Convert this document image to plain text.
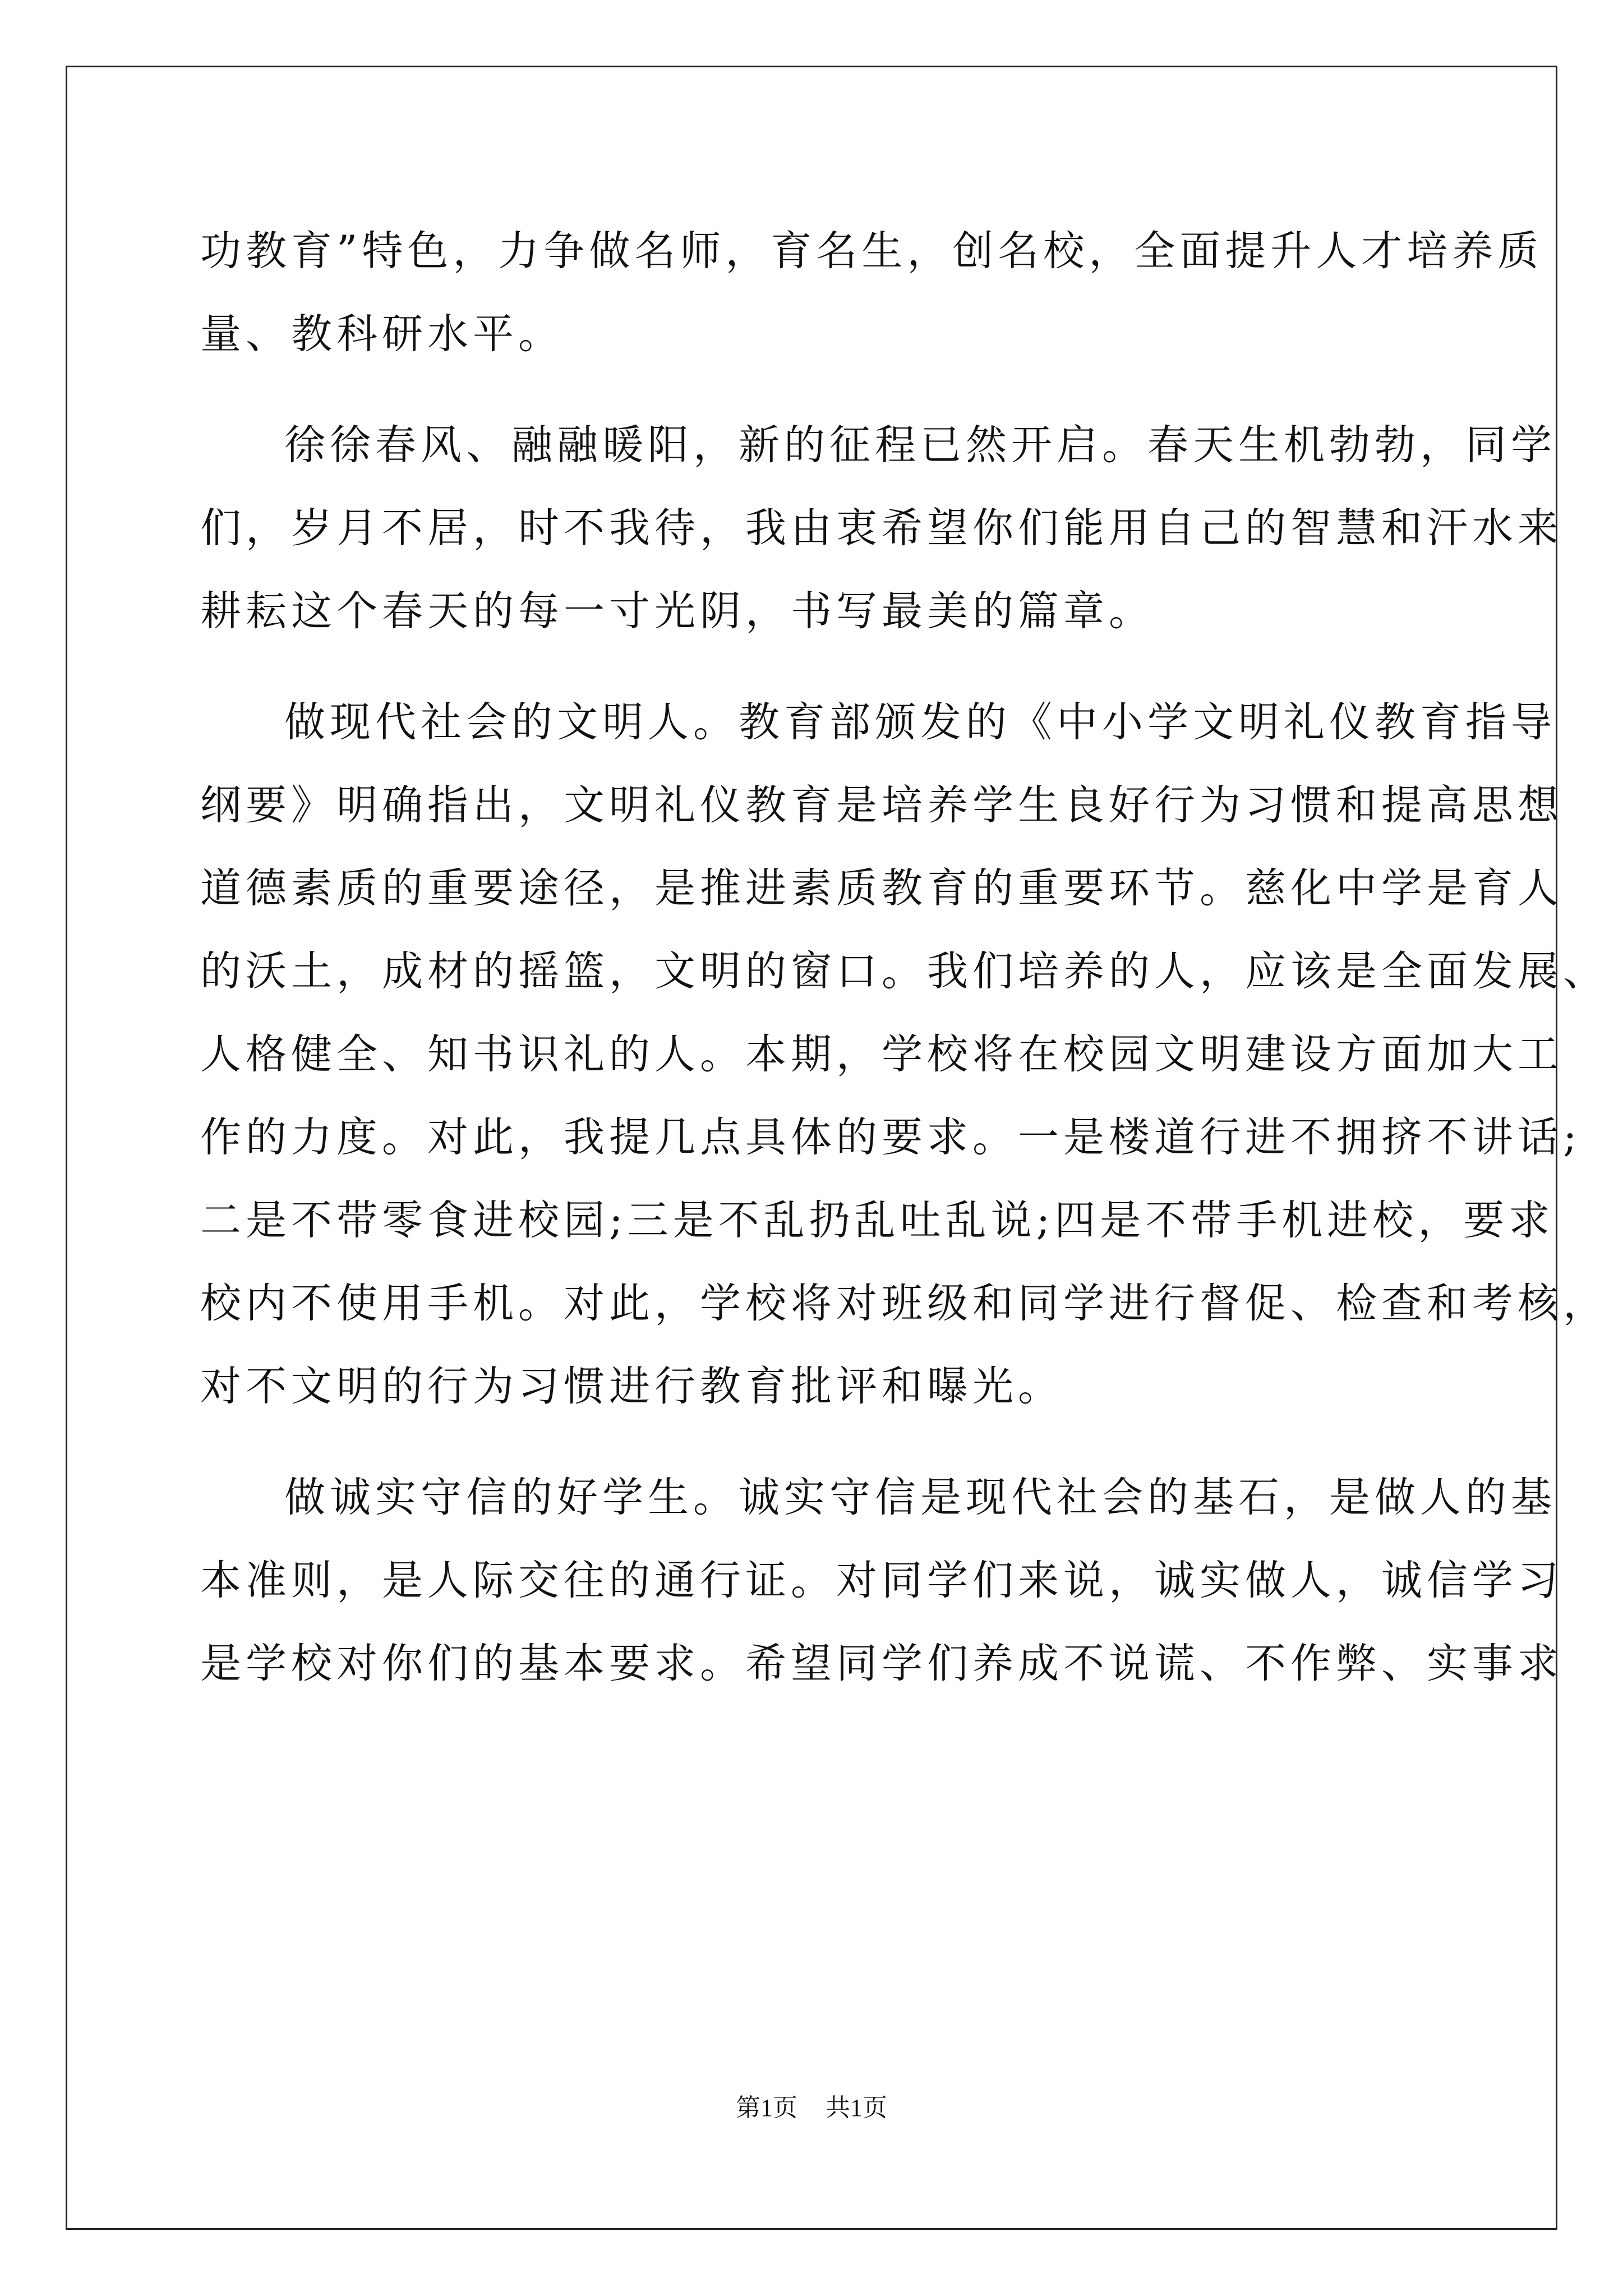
功教育”特色，力争做名师，育名生，创名校，全面提升人才培养质
量、教科研水平。
徐徐春风、融融暖阳，新的征程已然开启。春天生机勃勃，同学
们，岁月不居，时不我待，我由衷希望你们能用自己的智慧和汗水来
耕耘这个春天的每一寸光阴，书写最美的篇章。
做现代社会的文明人。教育部颁发的《中小学文明礼仪教育指导
纲要》明确指出，文明礼仪教育是培养学生良好行为习惯和提高思想
道德素质的重要途径，是推进素质教育的重要环节。慈化中学是育人
的沃土，成材的摇篮，文明的窗口。我们培养的人，应该是全面发展、
人格健全、知书识礼的人。本期，学校将在校园文明建设方面加大工
作的力度。对此，我提几点具体的要求。一是楼道行进不拥挤不讲话;
二是不带零食进校园;三是不乱扔乱吐乱说;四是不带手机进校，要求
校内不使用手机。对此，学校将对班级和同学进行督促、检查和考核，
对不文明的行为习惯进行教育批评和曝光。
做诚实守信的好学生。诚实守信是现代社会的基石，是做人的基
本准则，是人际交往的通行证。对同学们来说，诚实做人，诚信学习
是学校对你们的基本要求。希望同学们养成不说谎、不作弊、实事求
第1页 共1页
